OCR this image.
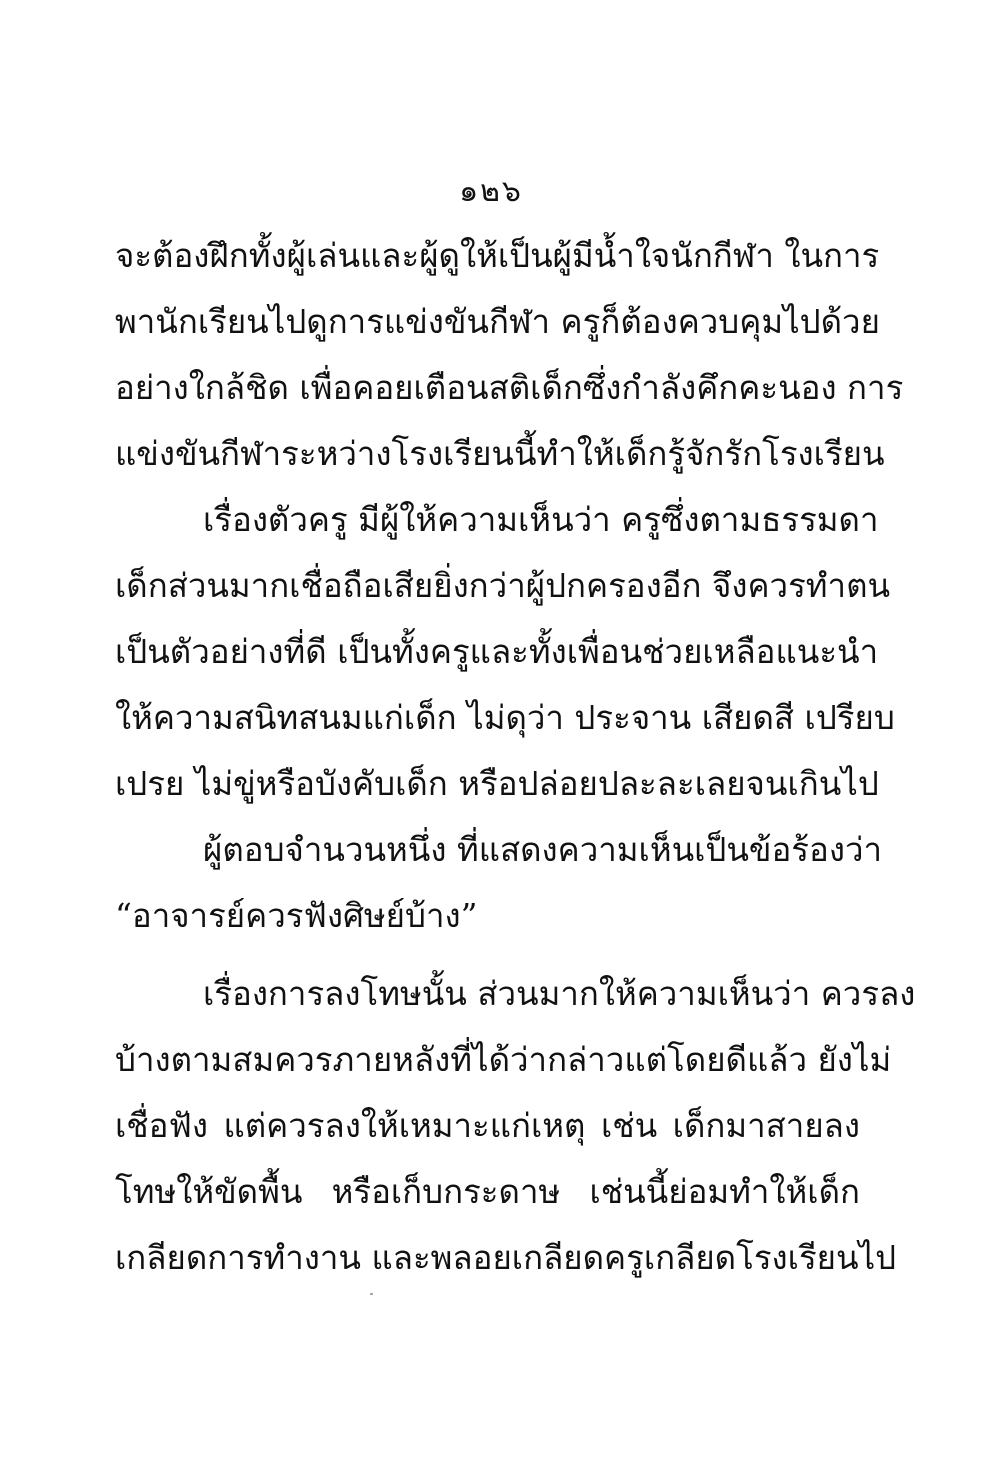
๑๒๖
จะต้องฝึกทั้งผู้เล่นและผู้ดูให้เป็นผู้มีน้ำใจนักกีฬา ในการ
พานักเรียนไปดูการแข่งขันกีฬา ครูก็ต้องควบคุมไปด้วย
อย่างใกล้ชิด เพื่อคอยเตือนสติเด็กซึ่งกำลังคึกคะนอง การ
แข่งขันกีฬาระหว่างโรงเรียนนี้ทำให้เด็กรู้จักรักโรงเรียน
เรื่องตัวครู มีผู้ให้ความเห็นว่า ครูซึ่งตามธรรมดา
เด็กส่วนมากเชื่อถือเสียยิ่งกว่าผู้ปกครองอีก จึงควรทำตน
เป็นตัวอย่างที่ดี เป็นทั้งครูและทั้งเพื่อนช่วยเหลือแนะนำ
ให้ความสนิทสนมแก่เด็ก ไม่ดุว่า ประจาน เสียดสี เปรียบ
เปรย ไม่ขู่หรือบังคับเด็ก หรือปล่อยปละละเลยจนเกินไป
ผู้ตอบจำนวนหนึ่ง ที่แสดงความเห็นเป็นข้อร้องว่า
“อาจารย์ควรฟังศิษย์บ้าง”
เรื่องการลงโทษนั้น ส่วนมากให้ความเห็นว่า ควรลง
บ้างตามสมควรภายหลังที่ได้ว่ากล่าวแต่โดยดีแล้ว ยังไม่
เชื่อฟัง แต่ควรลงให้เหมาะแก่เหตุ เช่น เด็กมาสายลง
โทษให้ขัดพื้น หรือเก็บกระดาษ เช่นนี้ย่อมทำให้เด็ก
เกลียดการทำงาน และพลอยเกลียดครูเกลียดโรงเรียนไป
